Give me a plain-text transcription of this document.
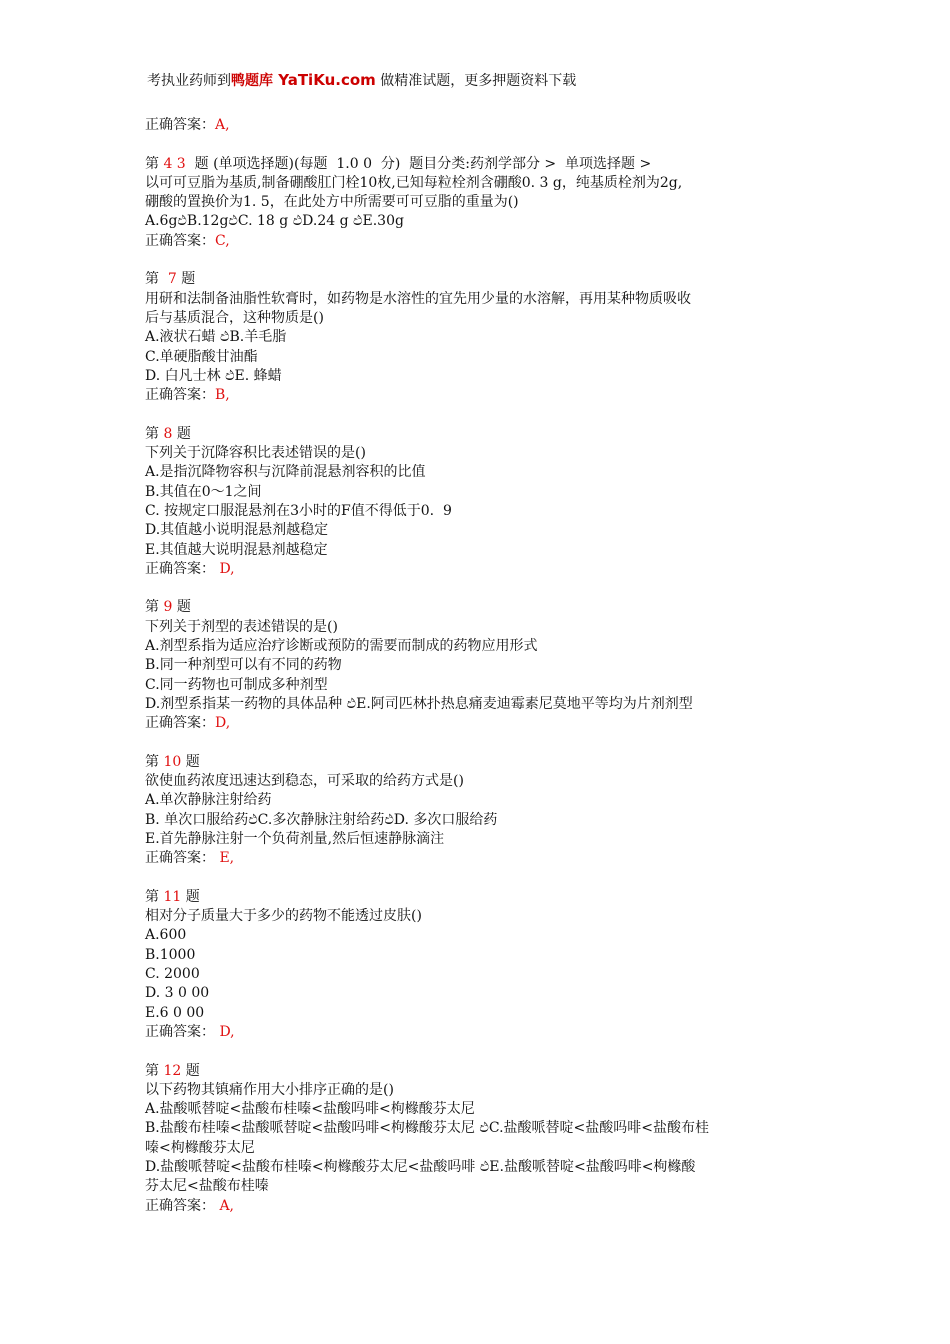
考执业药师到鸭题库 YaTiKu.com 做精准试题，更多押题资料下载
正确答案：A,
第 4 3  题 (单项选择题)(每题  1.0 0  分)  题目分类:药剂学部分 >  单项选择题 >
以可可豆脂为基质,制备硼酸肛门栓10枚,已知每粒栓剂含硼酸0. 3 g，纯基质栓剂为2g,
硼酸的置换价为1. 5，在此处方中所需要可可豆脂的重量为()
A.6gඵB.12gඵC. 18 g ඵD.24 g ඵE.30g
正确答案：C,
第  7 题
用研和法制备油脂性软膏时，如药物是水溶性的宜先用少量的水溶解，再用某种物质吸收
后与基质混合，这种物质是()
A.液状石蜡 ඵB.羊毛脂
C.单硬脂酸甘油酯
D. 白凡士林 ඵE. 蜂蜡
正确答案：B,
第 8 题
下列关于沉降容积比表述错误的是()
A.是指沉降物容积与沉降前混悬剂容积的比值
B.其值在0～1之间
C. 按规定口服混悬剂在3小时的F值不得低于0.  9
D.其值越小说明混悬剂越稳定
E.其值越大说明混悬剂越稳定
正确答案： D,
第 9 题
下列关于剂型的表述错误的是()
A.剂型系指为适应治疗诊断或预防的需要而制成的药物应用形式
B.同一种剂型可以有不同的药物
C.同一药物也可制成多种剂型
D.剂型系指某一药物的具体品种 ඵE.阿司匹林扑热息痛麦迪霉素尼莫地平等均为片剂剂型
正确答案：D,
第 10 题
欲使血药浓度迅速达到稳态，可采取的给药方式是()
A.单次静脉注射给药
B. 单次口服给药ඵC.多次静脉注射给药ඵD. 多次口服给药
E.首先静脉注射一个负荷剂量,然后恒速静脉滴注
正确答案： E,
第 11 题
相对分子质量大于多少的药物不能透过皮肤()
A.600
B.1000
C. 2000
D. 3 0 00
E.6 0 00
正确答案： D,
第 12 题
以下药物其镇痛作用大小排序正确的是()
A.盐酸哌替啶<盐酸布桂嗪<盐酸吗啡<枸橼酸芬太尼
B.盐酸布桂嗪<盐酸哌替啶<盐酸吗啡<枸橼酸芬太尼 ඵC.盐酸哌替啶<盐酸吗啡<盐酸布桂
嗪<枸橼酸芬太尼
D.盐酸哌替啶<盐酸布桂嗪<枸橼酸芬太尼<盐酸吗啡 ඵE.盐酸哌替啶<盐酸吗啡<枸橼酸
芬太尼<盐酸布桂嗪
正确答案： A,
